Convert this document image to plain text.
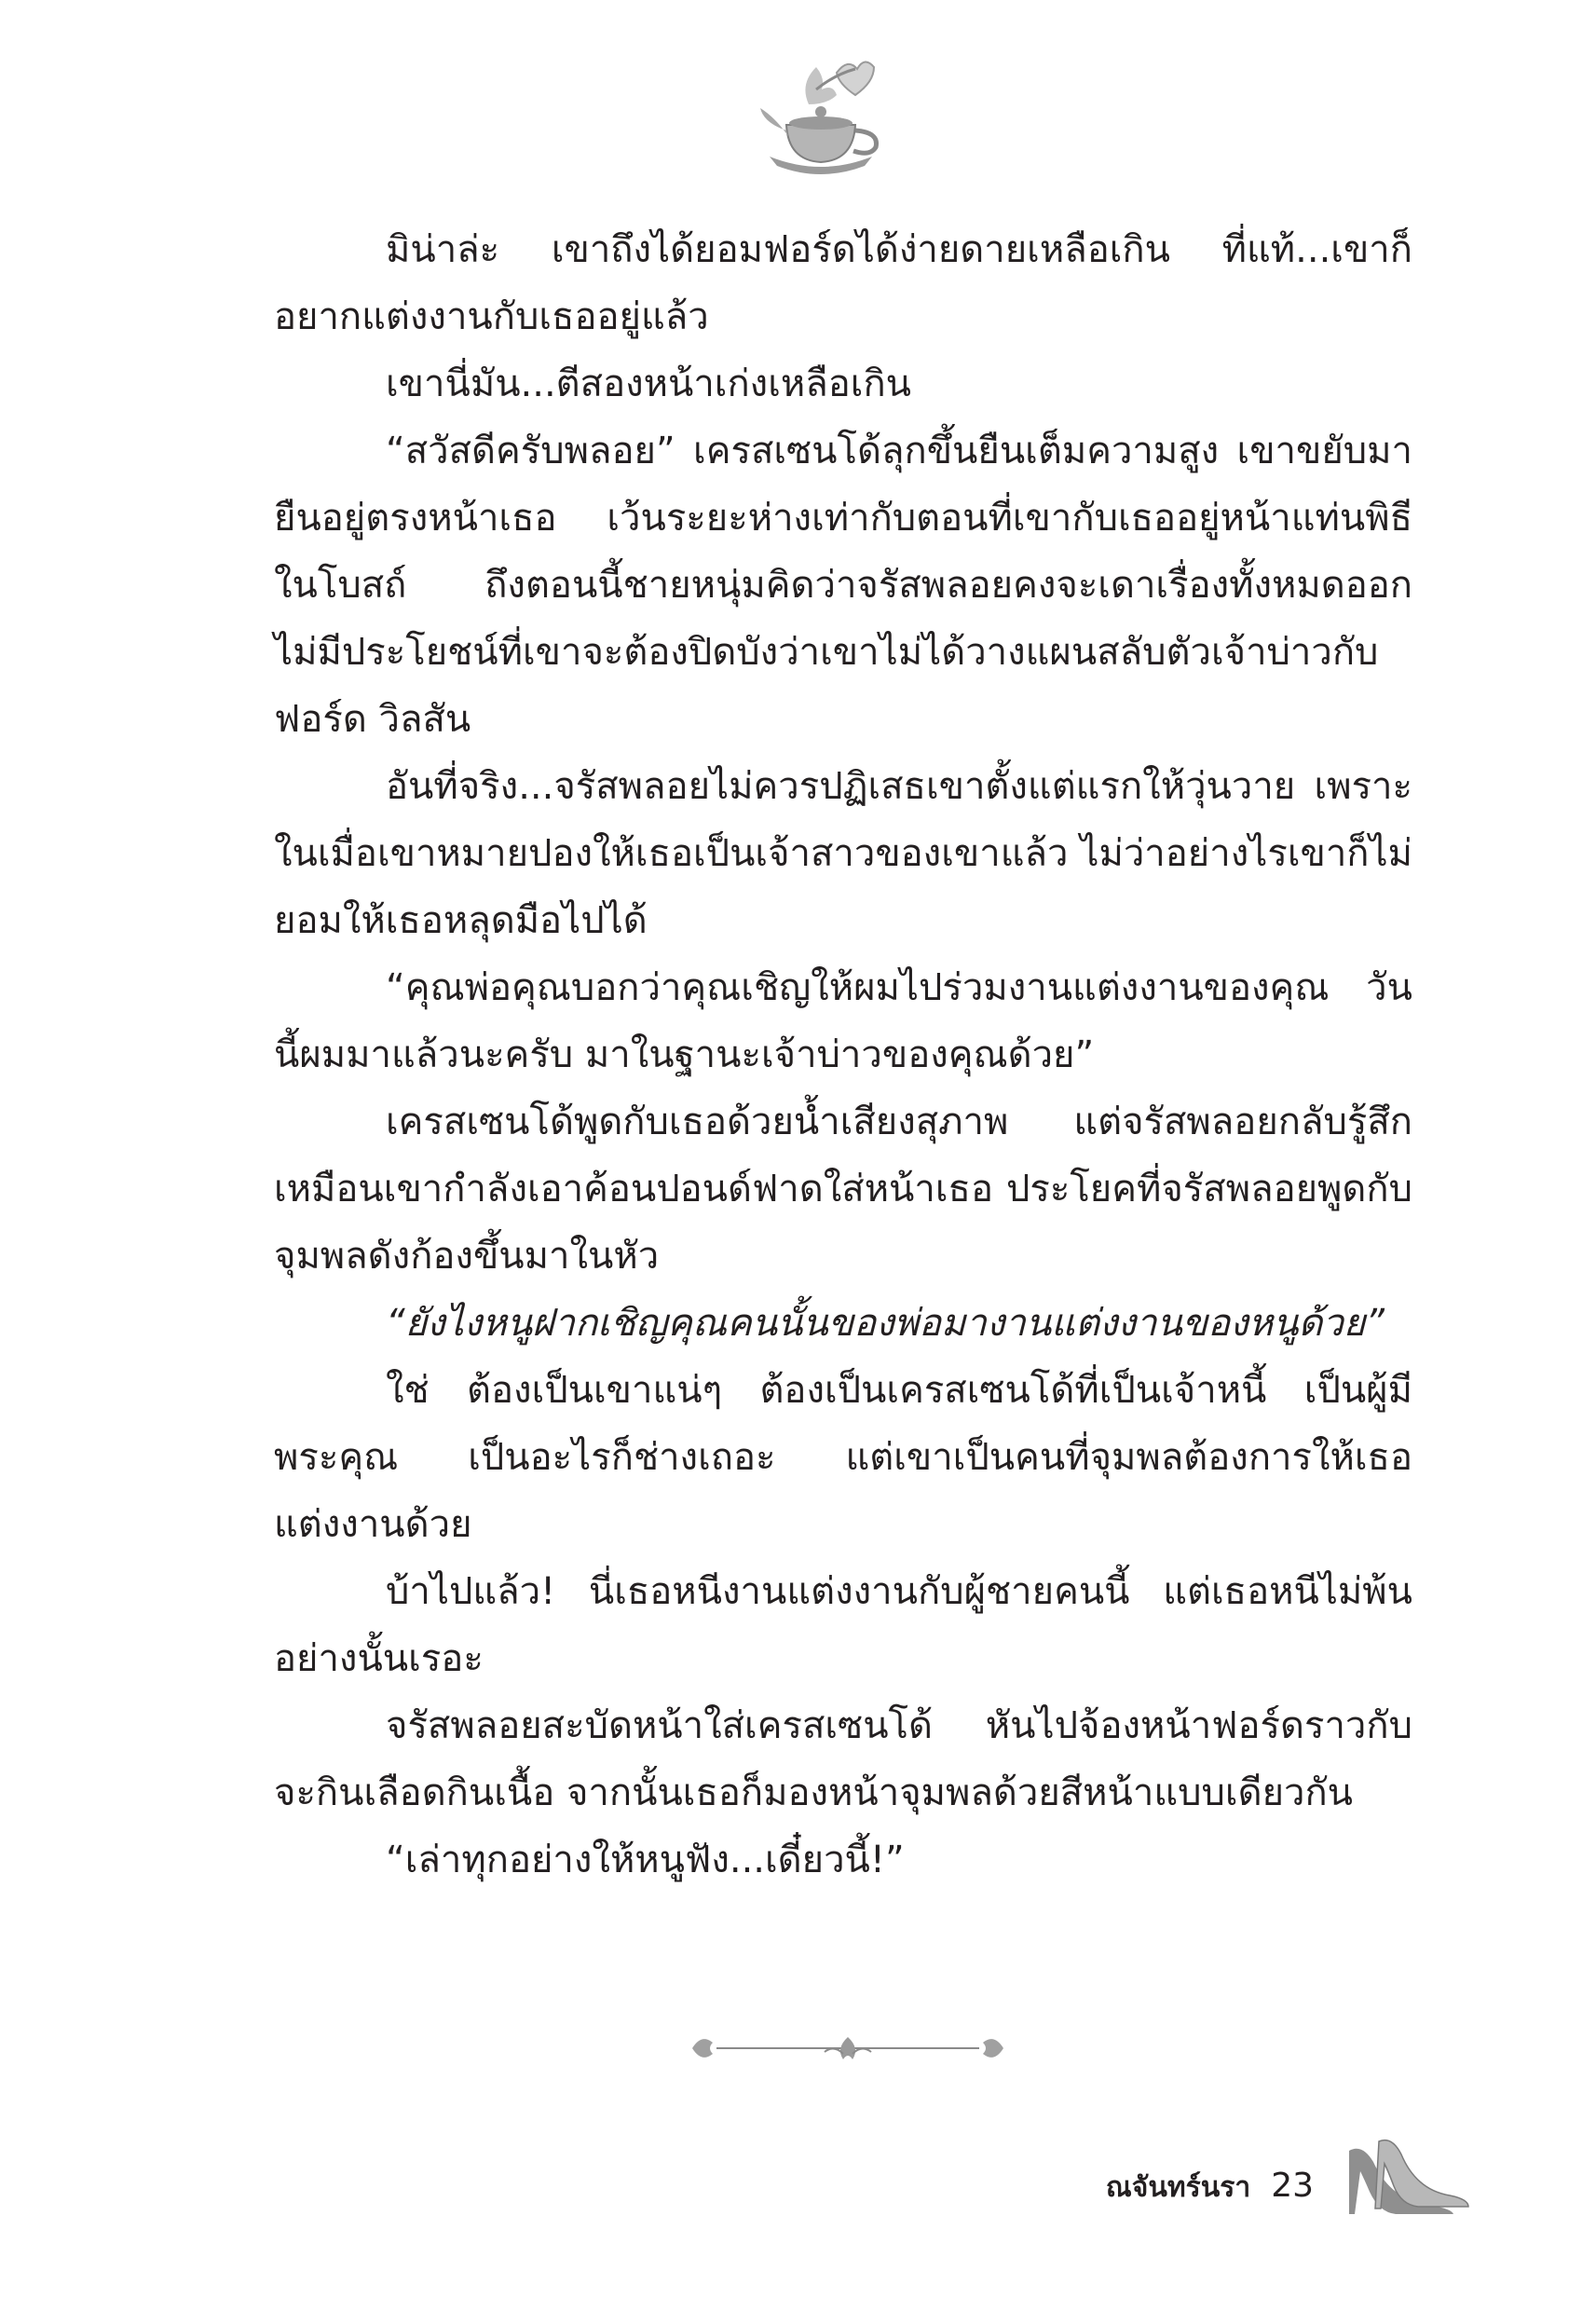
มิน่าล่ะ เขาถึงได้ยอมฟอร์ดได้ง่ายดายเหลือเกิน ที่แท้...เขาก็อยากแต่งงานกับเธออยู่แล้ว

เขานี่มัน...ตีสองหน้าเก่งเหลือเกิน

“สวัสดีครับพลอย” เครสเซนโด้ลุกขึ้นยืนเต็มความสูง เขาขยับมายืนอยู่ตรงหน้าเธอ เว้นระยะห่างเท่ากับตอนที่เขากับเธออยู่หน้าแท่นพิธีในโบสถ์ ถึงตอนนี้ชายหนุ่มคิดว่าจรัสพลอยคงจะเดาเรื่องทั้งหมดออก ไม่มีประโยชน์ที่เขาจะต้องปิดบังว่าเขาไม่ได้วางแผนสลับตัวเจ้าบ่าวกับ ฟอร์ด วิลสัน

อันที่จริง...จรัสพลอยไม่ควรปฏิเสธเขาตั้งแต่แรกให้วุ่นวาย เพราะในเมื่อเขาหมายปองให้เธอเป็นเจ้าสาวของเขาแล้ว ไม่ว่าอย่างไรเขาก็ไม่ยอมให้เธอหลุดมือไปได้

“คุณพ่อคุณบอกว่าคุณเชิญให้ผมไปร่วมงานแต่งงานของคุณ วันนี้ผมมาแล้วนะครับ มาในฐานะเจ้าบ่าวของคุณด้วย”

เครสเซนโด้พูดกับเธอด้วยน้ำเสียงสุภาพ แต่จรัสพลอยกลับรู้สึกเหมือนเขากำลังเอาค้อนปอนด์ฟาดใส่หน้าเธอ ประโยคที่จรัสพลอยพูดกับจุมพลดังก้องขึ้นมาในหัว

“ยังไงหนูฝากเชิญคุณคนนั้นของพ่อมางานแต่งงานของหนูด้วย”

ใช่ ต้องเป็นเขาแน่ๆ ต้องเป็นเครสเซนโด้ที่เป็นเจ้าหนี้ เป็นผู้มีพระคุณ เป็นอะไรก็ช่างเถอะ แต่เขาเป็นคนที่จุมพลต้องการให้เธอแต่งงานด้วย

บ้าไปแล้ว! นี่เธอหนีงานแต่งงานกับผู้ชายคนนี้ แต่เธอหนีไม่พ้นอย่างนั้นเรอะ

จรัสพลอยสะบัดหน้าใส่เครสเซนโด้ หันไปจ้องหน้าฟอร์ดราวกับจะกินเลือดกินเนื้อ จากนั้นเธอก็มองหน้าจุมพลด้วยสีหน้าแบบเดียวกัน

“เล่าทุกอย่างให้หนูฟัง...เดี๋ยวนี้!”

ณจันทร์นรา 23
